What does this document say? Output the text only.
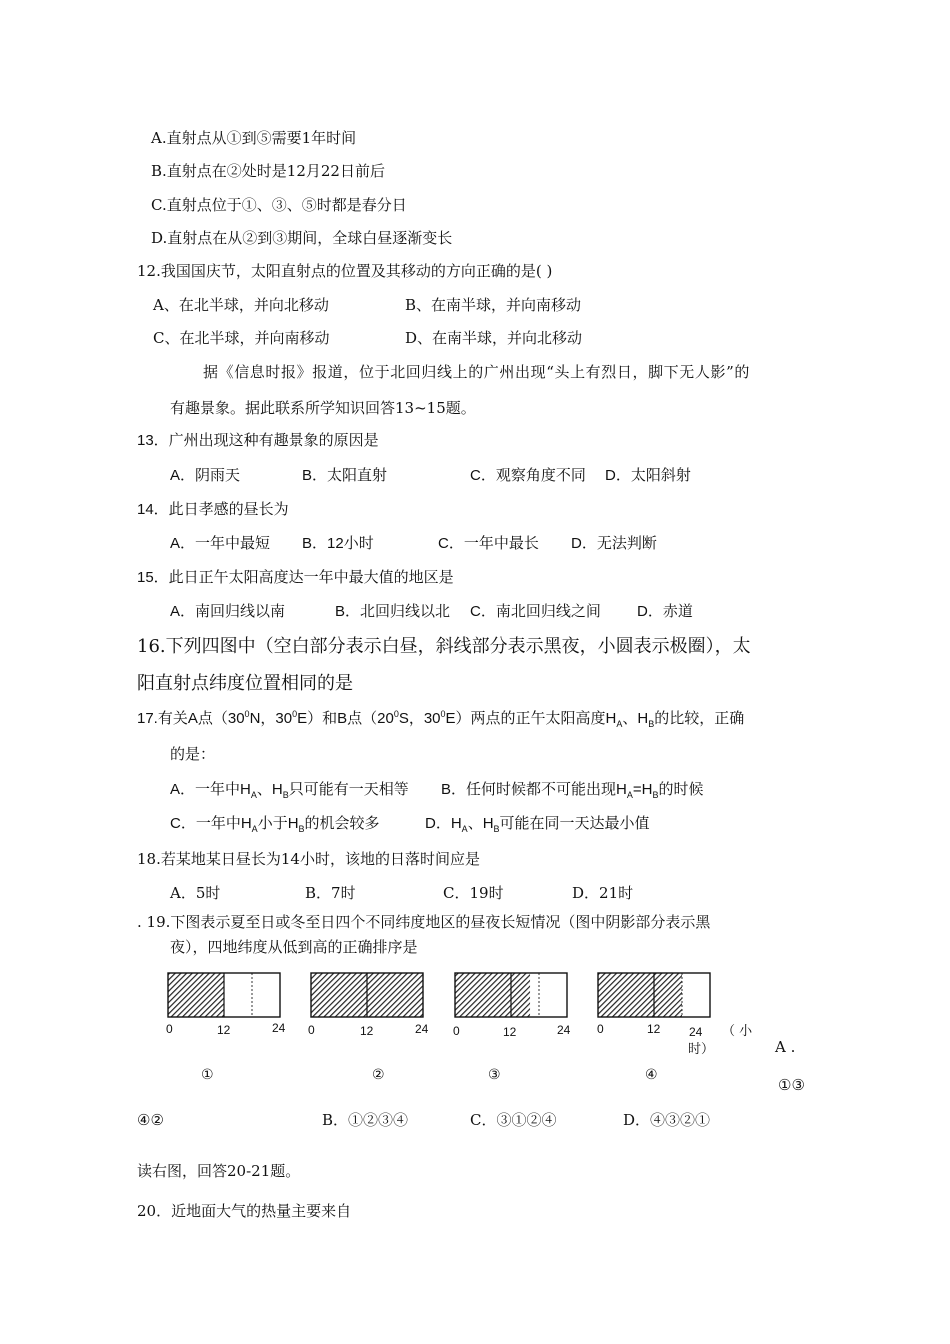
A.直射点从①到⑤需要1年时间
B.直射点在②处时是12月22日前后
C.直射点位于①、③、⑤时都是春分日
D.直射点在从②到③期间，全球白昼逐渐变长
12.我国国庆节，太阳直射点的位置及其移动的方向正确的是( )
A、在北半球，并向北移动	B、在南半球，并向南移动
C、在北半球，并向南移动	D、在南半球，并向北移动
据《信息时报》报道，位于北回归线上的广州出现“头上有烈日，脚下无人影”的
有趣景象。据此联系所学知识回答13~15题。
13．广州出现这种有趣景象的原因是
A．阴雨天	B．太阳直射	C．观察角度不同 D．太阳斜射
14．此日孝感的昼长为
A．一年中最短 B．12小时	C．一年中最长 D．无法判断
15．此日正午太阳高度达一年中最大值的地区是
A．南回归线以南	B．北回归线以北 C．南北回归线之间 D．赤道
16.下列四图中（空白部分表示白昼，斜线部分表示黑夜，小圆表示极圈），太
阳直射点纬度位置相同的是
17.有关A点（$30^0N$，$30^0E$）和B点（$20^0S$，$30^0E$）两点的正午太阳高度$H_A$、$H_B$的比较，正确
的是：
A．一年中$H_A$、$H_B$只可能有一天相等 B．任何时候都不可能出现$H_A=H_B$的时候
C．一年中$H_A$小于$H_B$的机会较多	D．$H_A$、$H_B$可能在同一天达最小值
18.若某地某日昼长为14小时，该地的日落时间应是
A．5时	B．7时	C．19时	D．21时
. 19.下图表示夏至日或冬至日四个不同纬度地区的昼夜长短情况（图中阴影部分表示黑
夜），四地纬度从低到高的正确排序是
0	12	24 0	12	24 0	12	24 0	12 24 （ 小
时）	A .
①	②	③	④
①③
④②	B．①②③④	C．③①②④	D．④③②①
读右图，回答20-21题。
20．近地面大气的热量主要来自
